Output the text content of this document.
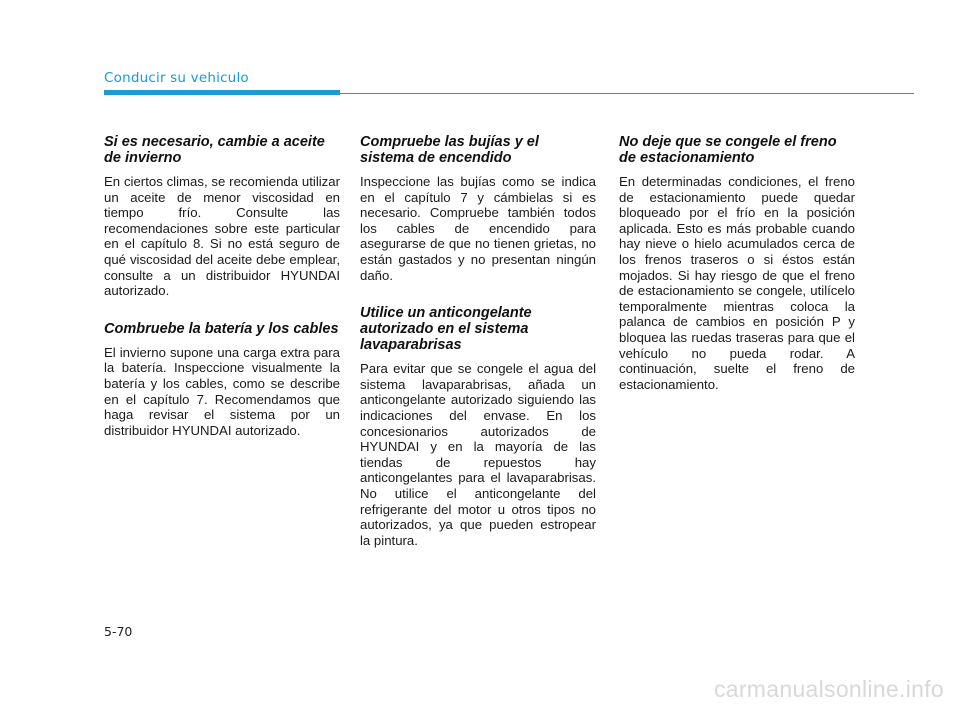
Conducir su vehiculo
Si es necesario, cambie a aceite de invierno

En ciertos climas, se recomienda utilizar un aceite de menor viscosidad en tiempo frío. Consulte las recomendaciones sobre este particular en el capítulo 8. Si no está seguro de qué viscosidad del aceite debe emplear, consulte a un distribuidor HYUNDAI autorizado.

Combruebe la batería y los cables

El invierno supone una carga extra para la batería. Inspeccione visualmente la batería y los cables, como se describe en el capítulo 7. Recomendamos que haga revisar el sistema por un distribuidor HYUNDAI autorizado.

Compruebe las bujías y el sistema de encendido

Inspeccione las bujías como se indica en el capítulo 7 y cámbielas si es necesario. Compruebe también todos los cables de encendido para asegurarse de que no tienen grietas, no están gastados y no presentan ningún daño.

Utilice un anticongelante autorizado en el sistema lavaparabrisas

Para evitar que se congele el agua del sistema lavaparabrisas, añada un anticongelante autorizado siguiendo las indicaciones del envase. En los concesionarios autorizados de HYUNDAI y en la mayoría de las tiendas de repuestos hay anticongelantes para el lavaparabrisas. No utilice el anticongelante del refrigerante del motor u otros tipos no autorizados, ya que pueden estropear la pintura.

No deje que se congele el freno de estacionamiento

En determinadas condiciones, el freno de estacionamiento puede quedar bloqueado por el frío en la posición aplicada. Esto es más probable cuando hay nieve o hielo acumulados cerca de los frenos traseros o si éstos están mojados. Si hay riesgo de que el freno de estacionamiento se congele, utilícelo temporalmente mientras coloca la palanca de cambios en posición P y bloquea las ruedas traseras para que el vehículo no pueda rodar. A continuación, suelte el freno de estacionamiento.

5-70
carmanualsonline.info
